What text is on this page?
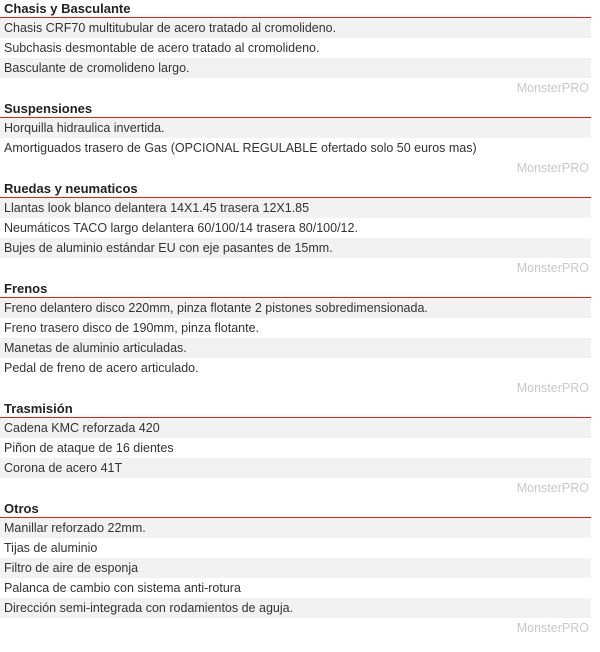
Chasis y Basculante
Chasis CRF70 multitubular de acero tratado al cromolideno.
Subchasis desmontable de acero tratado al cromolideno.
Basculante de cromolideno largo.
MonsterPRO
Suspensiones
Horquilla hidraulica invertida.
Amortiguados trasero de Gas (OPCIONAL REGULABLE ofertado solo 50 euros mas)
MonsterPRO
Ruedas y neumaticos
Llantas look blanco delantera 14X1.45 trasera 12X1.85
Neumáticos TACO largo delantera 60/100/14 trasera 80/100/12.
Bujes de aluminio estándar EU con eje pasantes de 15mm.
MonsterPRO
Frenos
Freno delantero disco 220mm, pinza flotante 2 pistones sobredimensionada.
Freno trasero disco de 190mm, pinza flotante.
Manetas de aluminio articuladas.
Pedal de freno de acero articulado.
MonsterPRO
Trasmisión
Cadena KMC reforzada 420
Piñon de ataque de 16 dientes
Corona de acero 41T
MonsterPRO
Otros
Manillar reforzado 22mm.
Tijas de aluminio
Filtro de aire de esponja
Palanca de cambio con sistema anti-rotura
Dirección semi-integrada con rodamientos de aguja.
MonsterPRO
